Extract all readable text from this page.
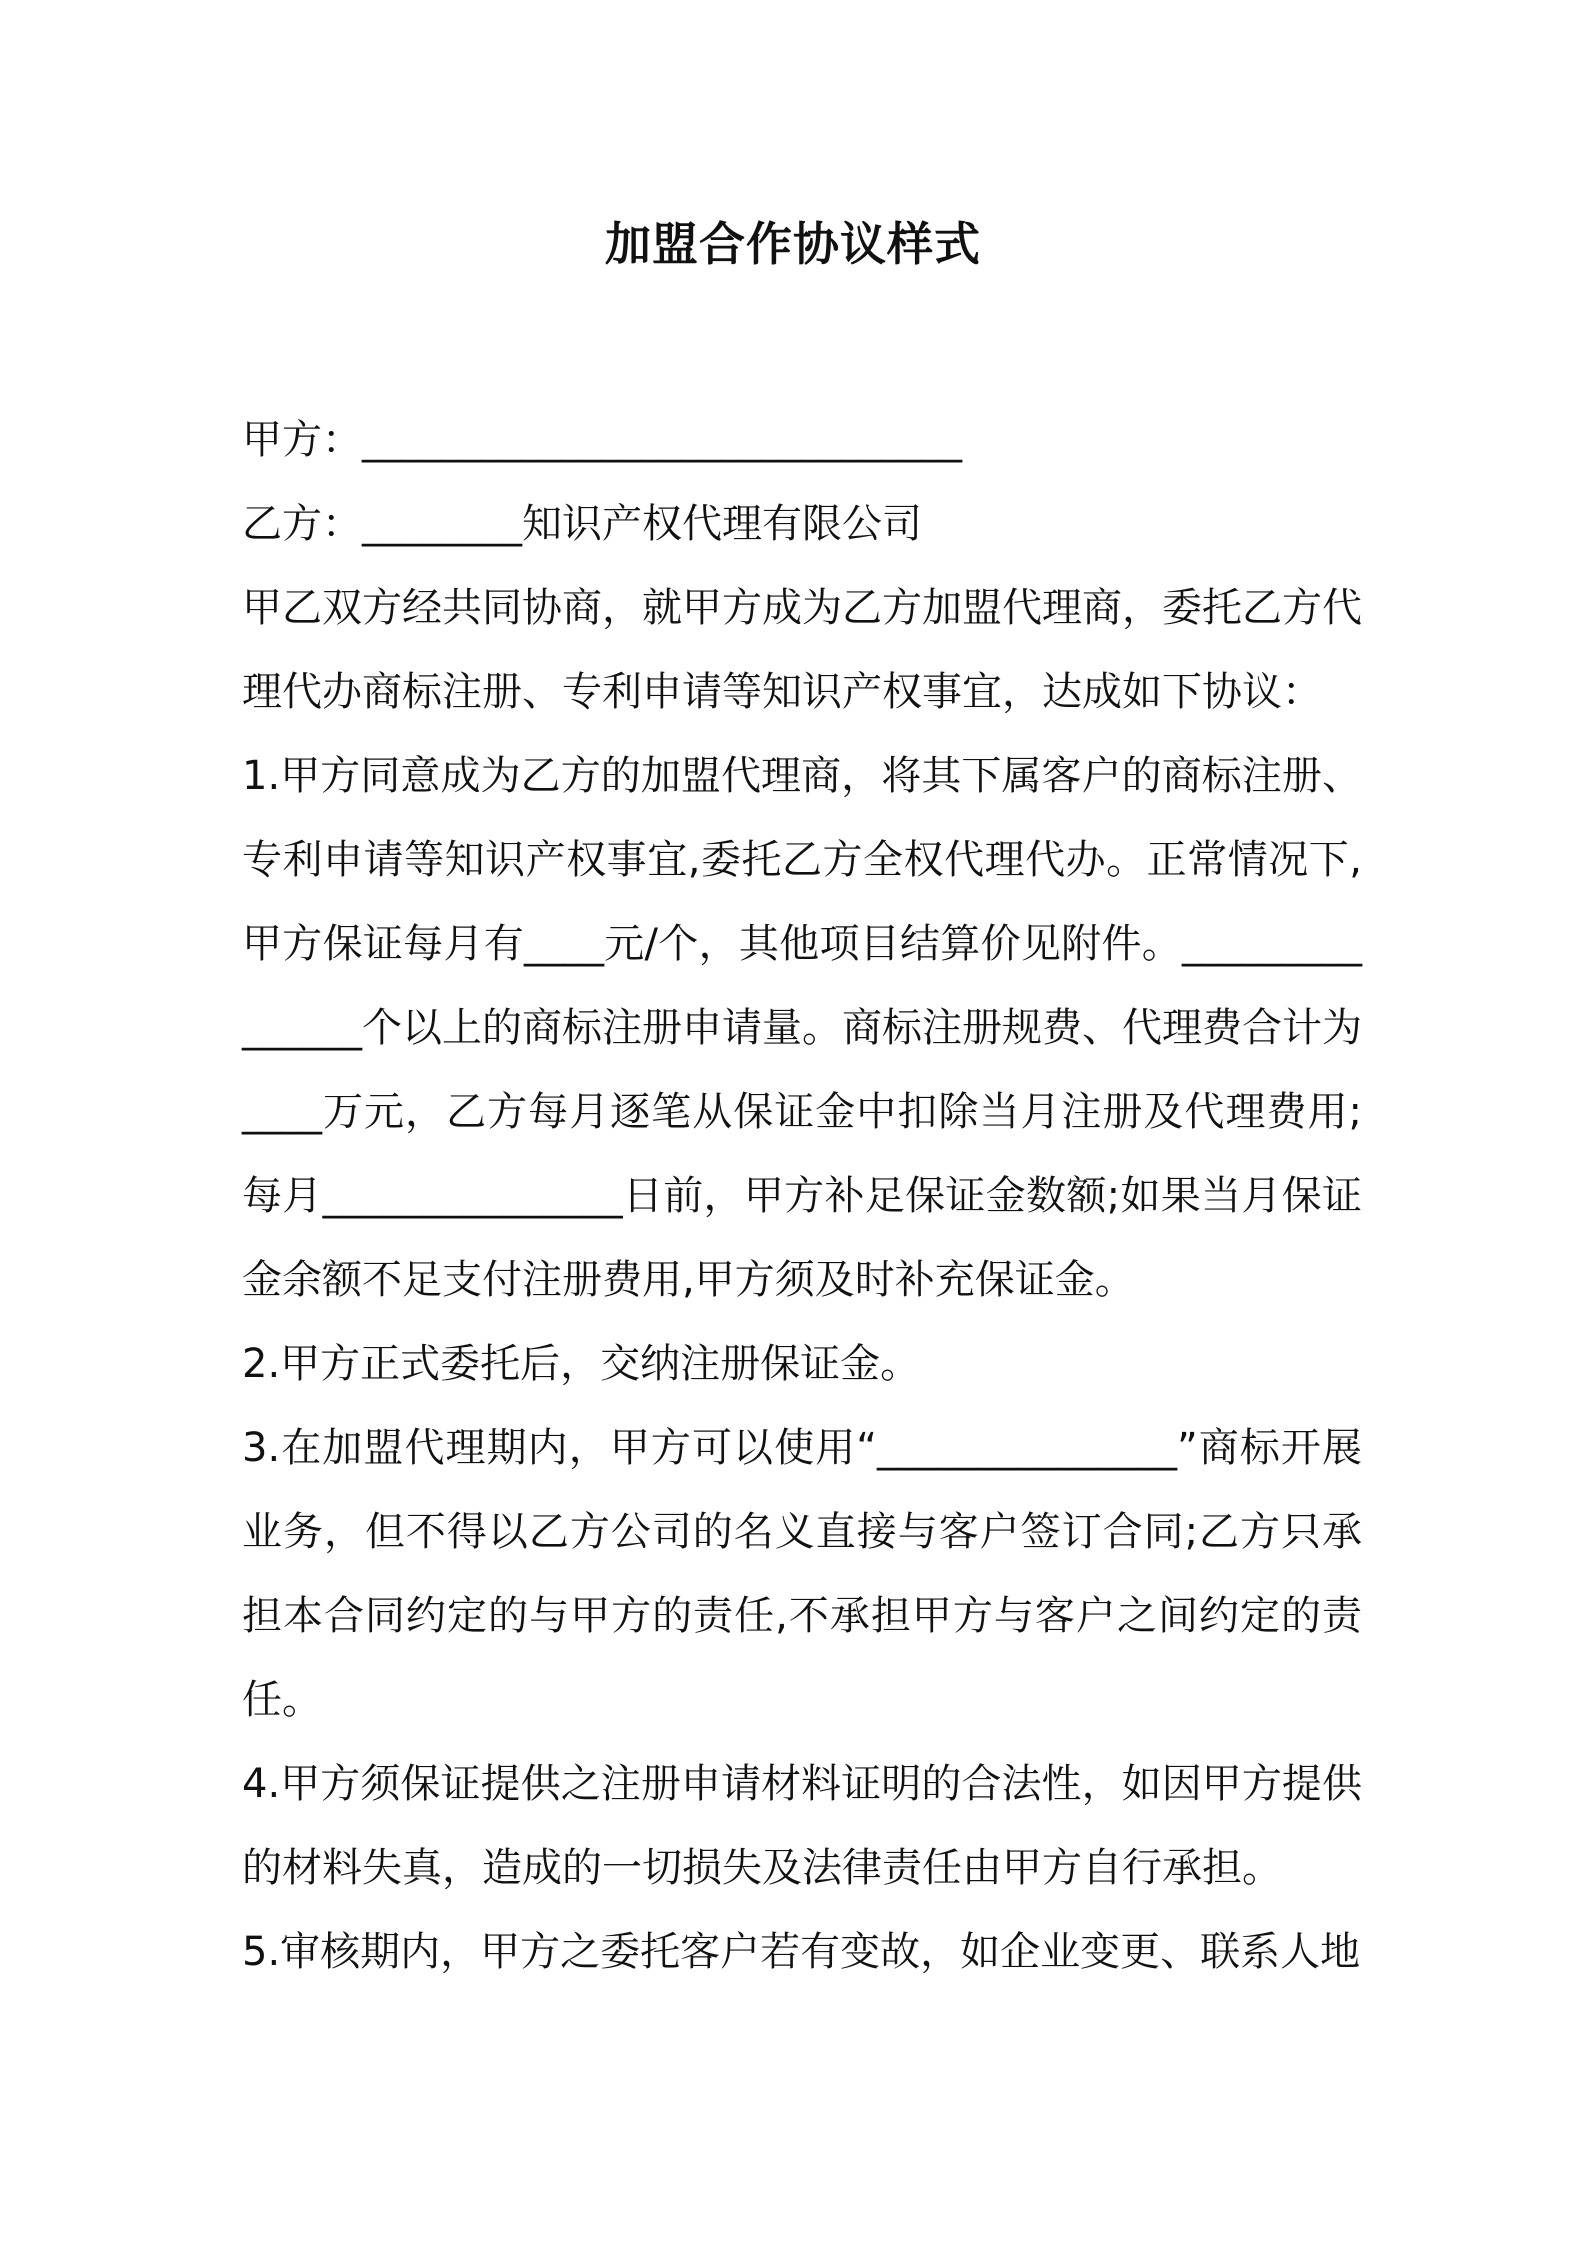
加盟合作协议样式

甲方：______________________________

乙方：________知识产权代理有限公司

甲乙双方经共同协商，就甲方成为乙方加盟代理商，委托乙方代理代办商标注册、专利申请等知识产权事宜，达成如下协议：

1.甲方同意成为乙方的加盟代理商，将其下属客户的商标注册、专利申请等知识产权事宜,委托乙方全权代理代办。正常情况下,甲方保证每月有____元/个，其他项目结算价见附件。_______________个以上的商标注册申请量。商标注册规费、代理费合计为____万元，乙方每月逐笔从保证金中扣除当月注册及代理费用;每月_______________日前，甲方补足保证金数额;如果当月保证金余额不足支付注册费用,甲方须及时补充保证金。

2.甲方正式委托后，交纳注册保证金。

3.在加盟代理期内，甲方可以使用“_______________”商标开展业务，但不得以乙方公司的名义直接与客户签订合同;乙方只承担本合同约定的与甲方的责任,不承担甲方与客户之间约定的责任。

4.甲方须保证提供之注册申请材料证明的合法性，如因甲方提供的材料失真，造成的一切损失及法律责任由甲方自行承担。

5.审核期内，甲方之委托客户若有变故，如企业变更、联系人地
